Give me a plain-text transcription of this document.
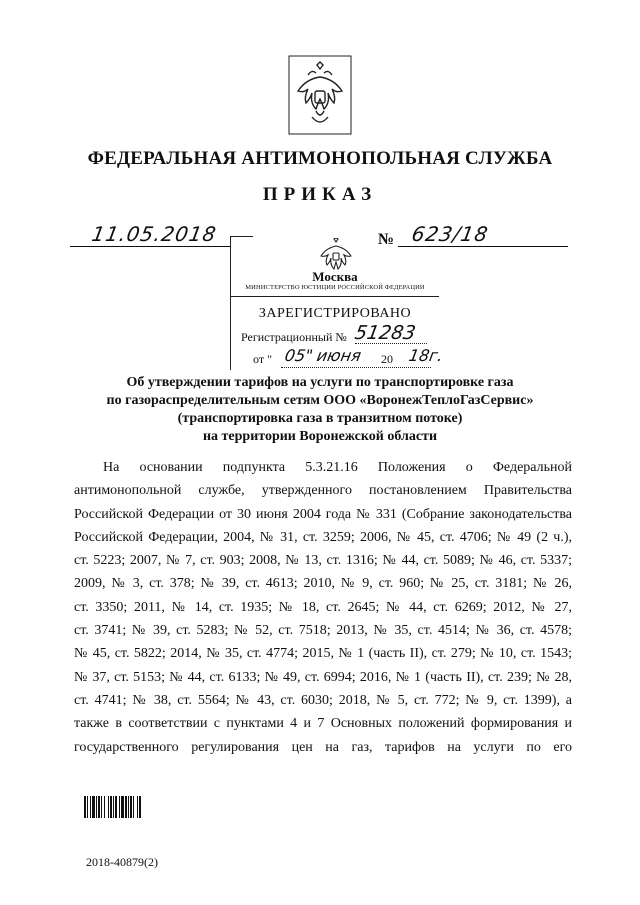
ФЕДЕРАЛЬНАЯ АНТИМОНОПОЛЬНАЯ СЛУЖБА
ПРИКАЗ
11.05.2018	№ 623/18
Москва
МИНИСТЕРСТВО ЮСТИЦИИ РОССИЙСКОЙ ФЕДЕРАЦИИ
ЗАРЕГИСТРИРОВАНО
Регистрационный № 51283
от " 05" июня 20 18г.
Об утверждении тарифов на услуги по транспортировке газа
по газораспределительным сетям ООО «ВоронежТеплоГазСервис»
(транспортировка газа в транзитном потоке)
на территории Воронежской области
На основании подпункта 5.3.21.16 Положения о Федеральной
антимонопольной службе, утвержденного постановлением Правительства
Российской Федерации от 30 июня 2004 года № 331 (Собрание законодательства
Российской Федерации, 2004, № 31, ст. 3259; 2006, № 45, ст. 4706; № 49 (2 ч.),
ст. 5223; 2007, № 7, ст. 903; 2008, № 13, ст. 1316; № 44, ст. 5089; № 46, ст. 5337;
2009, № 3, ст. 378; № 39, ст. 4613; 2010, № 9, ст. 960; № 25, ст. 3181; № 26,
ст. 3350; 2011, № 14, ст. 1935; № 18, ст. 2645; № 44, ст. 6269; 2012, № 27,
ст. 3741; № 39, ст. 5283; № 52, ст. 7518; 2013, № 35, ст. 4514; № 36, ст. 4578;
№ 45, ст. 5822; 2014, № 35, ст. 4774; 2015, № 1 (часть II), ст. 279; № 10, ст. 1543;
№ 37, ст. 5153; № 44, ст. 6133; № 49, ст. 6994; 2016, № 1 (часть II), ст. 239; № 28,
ст. 4741; № 38, ст. 5564; № 43, ст. 6030; 2018, № 5, ст. 772; № 9, ст. 1399), а
также в соответствии с пунктами 4 и 7 Основных положений формирования и
государственного регулирования цен на газ, тарифов на услуги по его
2018-40879(2)
